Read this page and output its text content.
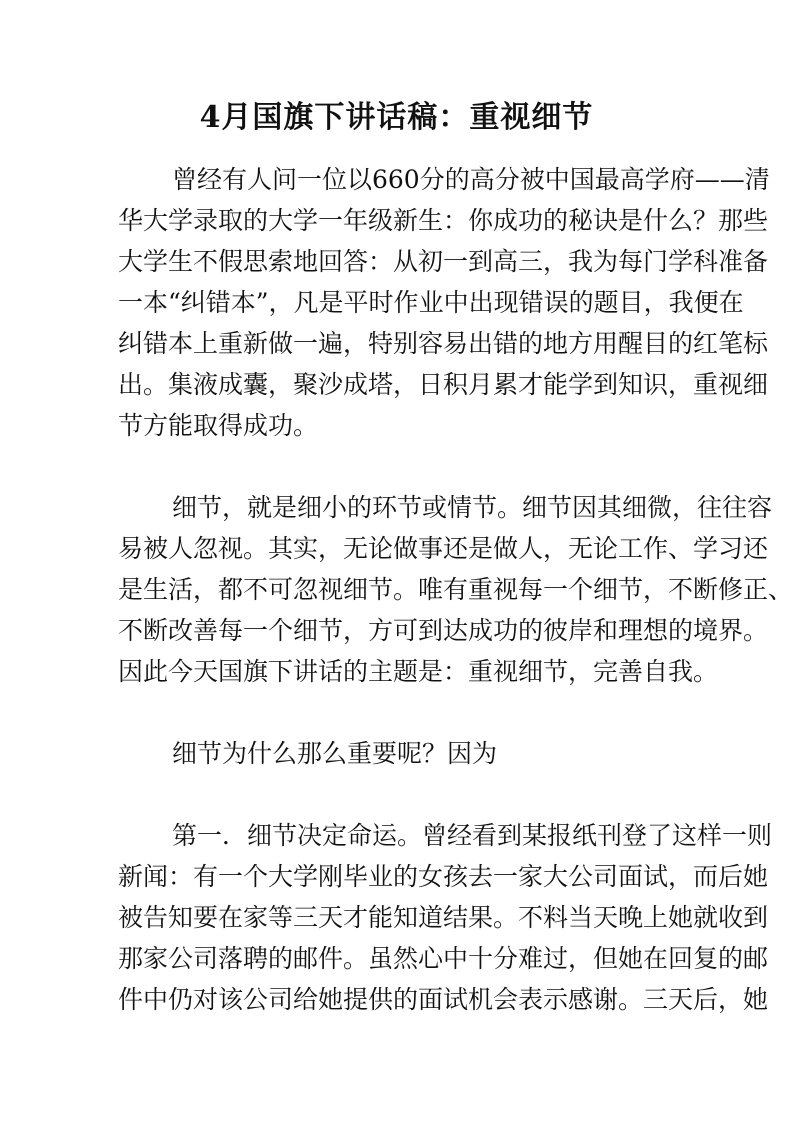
4月国旗下讲话稿：重视细节
曾经有人问一位以660分的高分被中国最高学府——清
华大学录取的大学一年级新生：你成功的秘诀是什么？那些
大学生不假思索地回答：从初一到高三，我为每门学科准备
一本“纠错本”，凡是平时作业中出现错误的题目，我便在
纠错本上重新做一遍，特别容易出错的地方用醒目的红笔标
出。集液成囊，聚沙成塔，日积月累才能学到知识，重视细
节方能取得成功。
细节，就是细小的环节或情节。细节因其细微，往往容
易被人忽视。其实，无论做事还是做人，无论工作、学习还
是生活，都不可忽视细节。唯有重视每一个细节，不断修正、
不断改善每一个细节，方可到达成功的彼岸和理想的境界。
因此今天国旗下讲话的主题是：重视细节，完善自我。
细节为什么那么重要呢？因为
第一．细节决定命运。曾经看到某报纸刊登了这样一则
新闻：有一个大学刚毕业的女孩去一家大公司面试，而后她
被告知要在家等三天才能知道结果。不料当天晚上她就收到
那家公司落聘的邮件。虽然心中十分难过，但她在回复的邮
件中仍对该公司给她提供的面试机会表示感谢。三天后，她
